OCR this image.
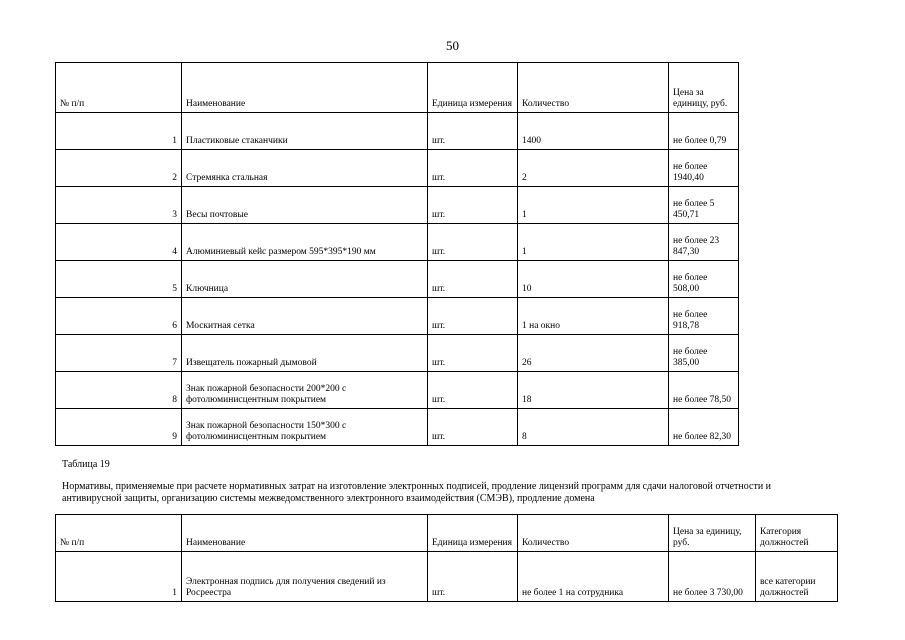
50
№ п/п	Наименование	Единица измерения	Количество	Цена за единицу, руб.
1	Пластиковые стаканчики	шт.	1400	не более 0,79
2	Стремянка стальная	шт.	2	не более 1940,40
3	Весы почтовые	шт.	1	не более 5 450,71
4	Алюминиевый кейс размером 595*395*190 мм	шт.	1	не более 23 847,30
5	Ключница	шт.	10	не более 508,00
6	Москитная сетка	шт.	1 на окно	не более 918,78
7	Извещатель пожарный дымовой	шт.	26	не более 385,00
8	Знак пожарной безопасности 200*200 с фотолюминисцентным покрытием	шт.	18	не более 78,50
9	Знак пожарной безопасности 150*300 с фотолюминисцентным покрытием	шт.	8	не более 82,30
Таблица 19
Нормативы, применяемые при расчете нормативных затрат на изготовление электронных подписей, продление лицензий программ для сдачи налоговой отчетности и антивирусной защиты, организацию системы межведомственного электронного взаимодействия (СМЭВ), продление домена
№ п/п	Наименование	Единица измерения	Количество	Цена за единицу, руб.	Категория должностей
1	Электронная подпись для получения сведений из Росреестра	шт.	не более 1 на сотрудника	не более 3 730,00	все категории должностей
